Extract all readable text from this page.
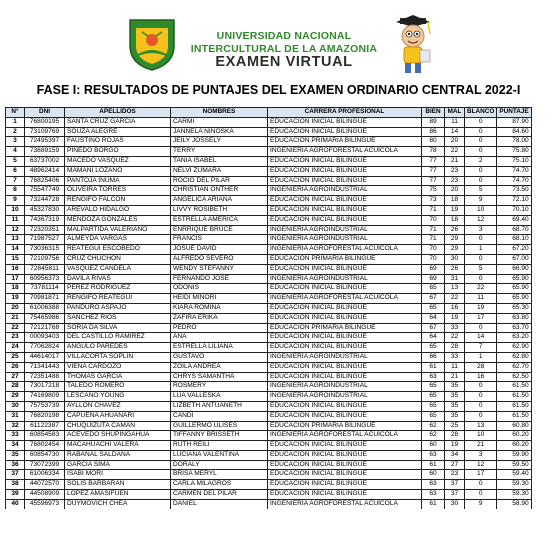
UNIVERSIDAD NACIONAL
INTERCULTURAL DE LA AMAZONIA
EXAMEN VIRTUAL
FASE I: RESULTADOS DE PUNTAJES DEL EXAMEN ORDINARIO CENTRAL 2022-I
N°	DNI	APELLIDOS	NOMBRES	CARRERA PROFESIONAL	BIEN	MAL	BLANCO	PUNTAJE
1	76800195	SANTA CRUZ GARCIA	CARMI	EDUCACIÓN INICIAL BILINGÜE	89	11	0	87.90
2	73109769	SOUZA ALEGRE	JANNELA NINOSKA	EDUCACIÓN INICIAL BILINGÜE	86	14	0	84.60
3	72495397	FAUSTINO ROJAS	JEILY JOSSELY	EDUCACIÓN PRIMARIA BILINGÜE	80	20	0	78.00
4	73889159	PINEDO BORGO	TERRY	INGENIERÍA AGROFORESTAL ACUÍCOLA	78	22	0	75.80
5	63737002	MACEDO VASQUEZ	TANIA ISABEL	EDUCACIÓN INICIAL BILINGÜE	77	21	2	75.10
6	48962414	MAMANI LOZANO	NELVI ZUMARA	EDUCACIÓN INICIAL BILINGÜE	77	23	0	74.70
7	76825406	PANTOJA INUMA	ROCIO DEL PILAR	EDUCACIÓN INICIAL BILINGÜE	77	23	0	74.70
8	75547749	OLIVEIRA TORRES	CHRISTIAN ONTHER	INGENIERÍA AGROINDUSTRIAL	75	20	5	73.50
9	73244728	RENGIFO FALCÓN	ANGELICA ARIANA	EDUCACIÓN INICIAL BILINGÜE	73	18	9	72.10
10	45327830	AREVALO HIDALGO	LIVVY ROSIBETH	EDUCACIÓN INICIAL BILINGÜE	71	19	10	70.10
11	74367319	MENDOZA GONZÁLES	ESTRELLA AMÉRICA	EDUCACIÓN INICIAL BILINGÜE	70	18	12	69.40
12	72320351	MALPARTIDA VALERIANO	ENRRIQUE BRUCE	INGENIERÍA AGROINDUSTRIAL	71	26	3	68.70
13	71987527	ALMEYDA VARGAS	FRANCIS	INGENIERÍA AGROINDUSTRIAL	71	29	0	68.10
14	73036315	REÁTEGUI ESCOBEDO	JOSUÉ DAVID	INGENIERÍA AGROFORESTAL ACUÍCOLA	70	29	1	67.20
15	72109756	CRUZ CHUCHON	ALFREDO SEVERO	EDUCACIÓN PRIMARIA BILINGÜE	70	30	0	67.00
16	72845811	VASQUEZ CANDELA	WENDY STEFANNY	EDUCACIÓN INICIAL BILINGÜE	69	26	5	66.90
17	60956373	DAVILA RIVAS	FERNANDO JOSE	INGENIERÍA AGROINDUSTRIAL	69	31	0	65.90
18	73781114	PEREZ RODRIGUEZ	ODONIS	EDUCACIÓN INICIAL BILINGÜE	65	13	22	65.90
19	70981871	RENGIFO REATEGUI	HEIDI MINORI	INGENIERÍA AGROFORESTAL ACUÍCOLA	67	22	11	65.90
20	61006388	PANDURO ASPAJO	KIARA ROMINA	EDUCACIÓN INICIAL BILINGÜE	65	16	19	65.30
21	75465986	SANCHEZ RIOS	ZAFIRA ERIKA	EDUCACIÓN INICIAL BILINGÜE	64	19	17	63.80
22	72121768	SORIA DA SILVA	PEDRO	EDUCACIÓN PRIMARIA BILINGÜE	67	33	0	63.70
23	00093403	DEL CASTILLO RAMIREZ	ANA	EDUCACIÓN INICIAL BILINGÜE	64	22	14	63.20
24	77062824	ANGULO PAREDES	ESTRELLA LILIANA	EDUCACIÓN INICIAL BILINGÜE	65	28	7	62.90
25	44614017	VILLACORTA SOPLIN	GUSTAVO	INGENIERÍA AGROINDUSTRIAL	66	33	1	62.80
26	71341443	VIENA CARDOZO	ZOILA ANDREA	EDUCACIÓN INICIAL BILINGÜE	61	11	28	62.70
27	72351488	THOMAS GARCIA	CHRYS SAMANTHA	EDUCACIÓN INICIAL BILINGÜE	63	21	16	62.50
28	73017218	TALEDO ROMERO	ROSMERY	INGENIERÍA AGROINDUSTRIAL	65	35	0	61.50
29	74169809	LESCANO YOUNG	LUA VALLESKA	INGENIERÍA AGROINDUSTRIAL	65	35	0	61.50
30	75753739	AYLLON CHAVEZ	LIZBETH ANTUANETH	EDUCACIÓN INICIAL BILINGÜE	65	35	0	61.50
31	76820198	CAPUENA AHUANARI	CANDI	EDUCACIÓN INICIAL BILINGÜE	65	35	0	61.50
32	61122387	CHUQUIZUTA CAMAN	GUILLERMO ULISES	EDUCACIÓN PRIMARIA BILINGÜE	62	25	13	60.80
33	60854583	ACEVEDO SHUPINGAHUA	TIFFANNY BRISSETH	INGENIERÍA AGROFORESTAL ACUÍCOLA	62	28	10	60.20
34	76802454	MACAHUACHI VALERA	RUTH REILI	EDUCACIÓN INICIAL BILINGÜE	60	19	21	60.20
35	60854730	RABANAL SALDAÑA	LUCIANA VALENTINA	EDUCACIÓN INICIAL BILINGÜE	63	34	3	59.90
36	73072399	GARCIA SIMA	DORALY	EDUCACIÓN INICIAL BILINGÜE	61	27	12	59.50
37	61006334	ISABI MORI	BRISA MERYL	EDUCACIÓN INICIAL BILINGÜE	60	23	17	59.40
38	44072570	SOLIS BARBARAN	CARLA MILAGROS	EDUCACIÓN INICIAL BILINGÜE	63	37	0	59.30
39	44508909	LÓPEZ AMASIFUEN	CARMEN DEL PILAR	EDUCACIÓN INICIAL BILINGÜE	63	37	0	59.30
40	45596973	DUYMOVICH CHEA	DANIEL	INGENIERÍA AGROFORESTAL ACUÍCOLA	61	30	9	58.90
